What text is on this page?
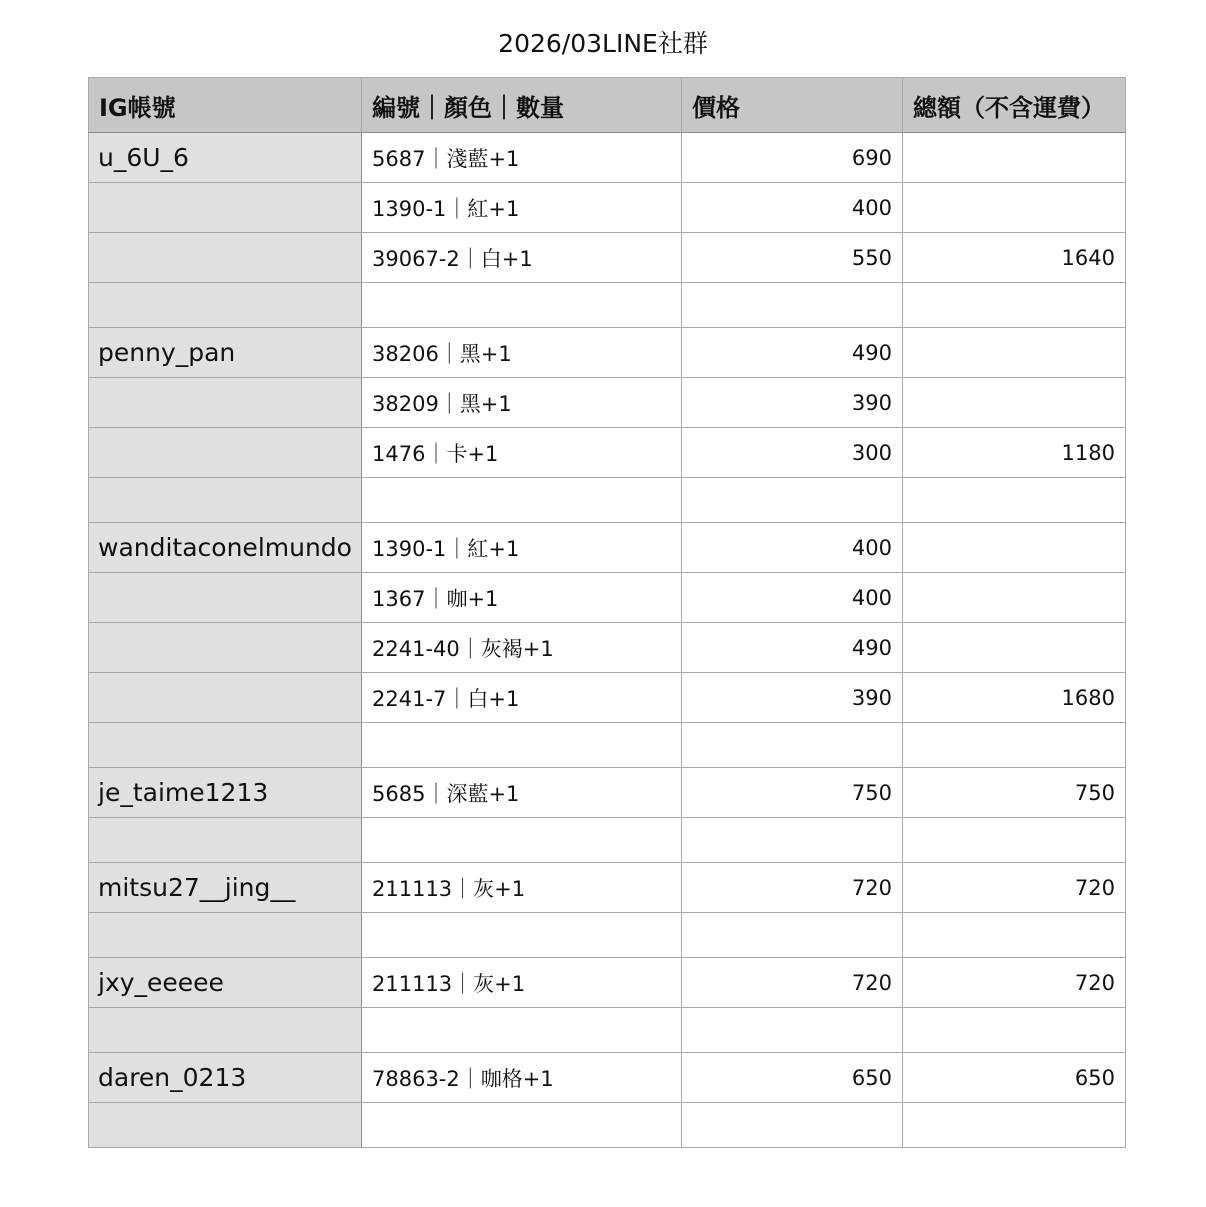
2026/03LINE社群
IG帳號	編號｜顏色｜數量	價格	總額（不含運費）
u_6U_6	5687｜淺藍+1	690	
	1390-1｜紅+1	400	
	39067-2｜白+1	550	1640

penny_pan	38206｜黑+1	490	
	38209｜黑+1	390	
	1476｜卡+1	300	1180

wanditaconelmundo	1390-1｜紅+1	400	
	1367｜咖+1	400	
	2241-40｜灰褐+1	490	
	2241-7｜白+1	390	1680

je_taime1213	5685｜深藍+1	750	750

mitsu27__jing__	211113｜灰+1	720	720

jxy_eeeee	211113｜灰+1	720	720

daren_0213	78863-2｜咖格+1	650	650
